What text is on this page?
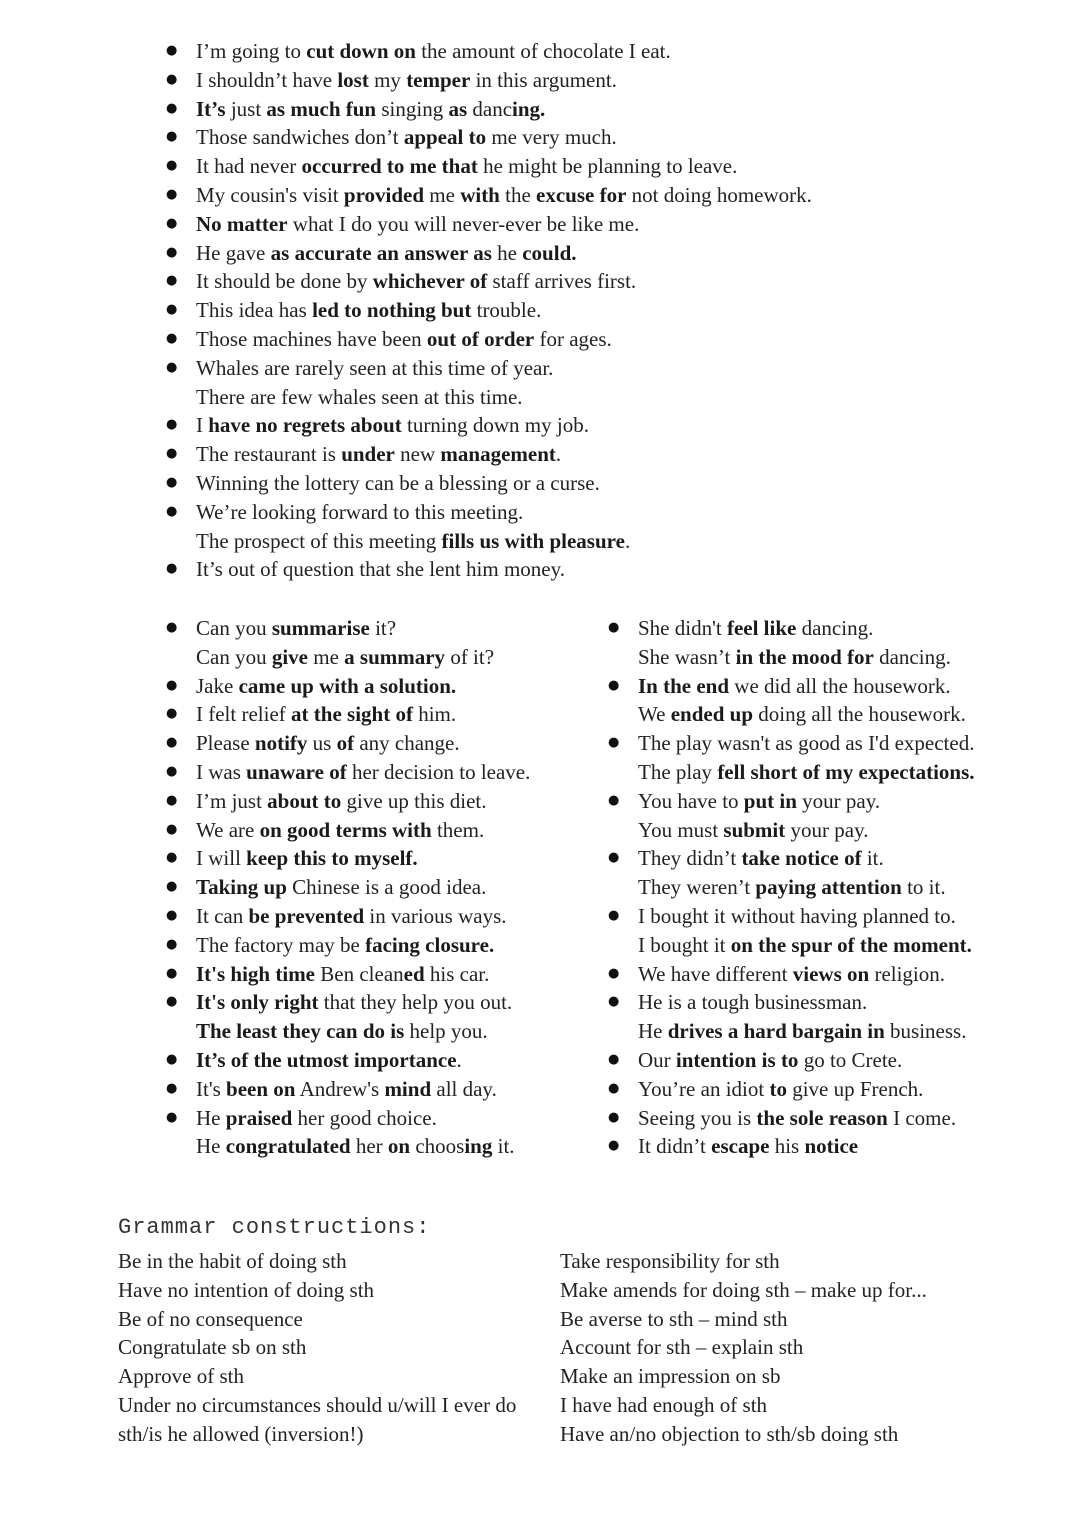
● I’m going to cut down on the amount of chocolate I eat.
● I shouldn’t have lost my temper in this argument.
● It’s just as much fun singing as dancing.
● Those sandwiches don’t appeal to me very much.
● It had never occurred to me that he might be planning to leave.
● My cousin's visit provided me with the excuse for not doing homework.
● No matter what I do you will never-ever be like me.
● He gave as accurate an answer as he could.
● It should be done by whichever of staff arrives first.
● This idea has led to nothing but trouble.
● Those machines have been out of order for ages.
● Whales are rarely seen at this time of year.
There are few whales seen at this time.
● I have no regrets about turning down my job.
● The restaurant is under new management.
● Winning the lottery can be a blessing or a curse.
● We’re looking forward to this meeting.
The prospect of this meeting fills us with pleasure.
● It’s out of question that she lent him money.
● Can you summarise it?
Can you give me a summary of it?
● Jake came up with a solution.
● I felt relief at the sight of him.
● Please notify us of any change.
● I was unaware of her decision to leave.
● I’m just about to give up this diet.
● We are on good terms with them.
● I will keep this to myself.
● Taking up Chinese is a good idea.
● It can be prevented in various ways.
● The factory may be facing closure.
● It's high time Ben cleaned his car.
● It's only right that they help you out.
The least they can do is help you.
● It’s of the utmost importance.
● It's been on Andrew's mind all day.
● He praised her good choice.
He congratulated her on choosing it.
● She didn't feel like dancing.
She wasn’t in the mood for dancing.
● In the end we did all the housework.
We ended up doing all the housework.
● The play wasn't as good as I'd expected.
The play fell short of my expectations.
● You have to put in your pay.
You must submit your pay.
● They didn’t take notice of it.
They weren’t paying attention to it.
● I bought it without having planned to.
I bought it on the spur of the moment.
● We have different views on religion.
● He is a tough businessman.
He drives a hard bargain in business.
● Our intention is to go to Crete.
● You’re an idiot to give up French.
● Seeing you is the sole reason I come.
● It didn’t escape his notice
Grammar constructions:
Be in the habit of doing sth
Have no intention of doing sth
Be of no consequence
Congratulate sb on sth
Approve of sth
Under no circumstances should u/will I ever do
sth/is he allowed (inversion!)
Take responsibility for sth
Make amends for doing sth – make up for...
Be averse to sth – mind sth
Account for sth – explain sth
Make an impression on sb
I have had enough of sth
Have an/no objection to sth/sb doing sth
